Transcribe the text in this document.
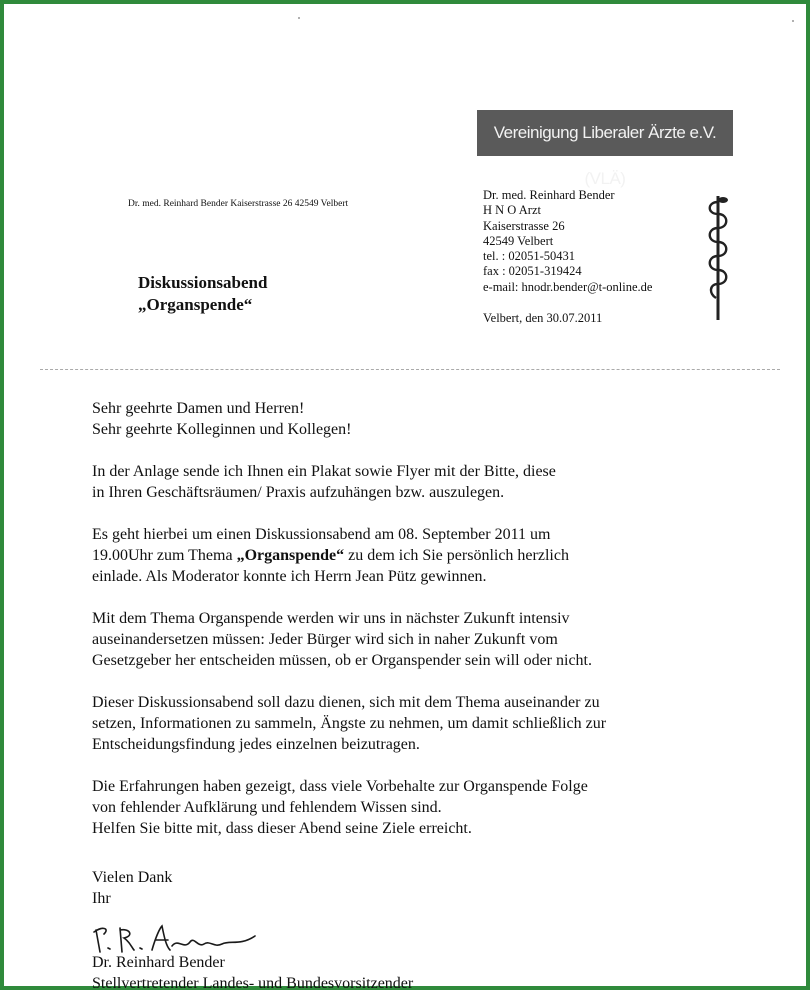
Vereinigung Liberaler Ärzte e.V. (VLÄ)
Dr. med. Reinhard Bender Kaiserstrasse 26 42549 Velbert
Diskussionsabend
„Organspende“
Dr. med. Reinhard Bender
H N O Arzt
Kaiserstrasse 26
42549 Velbert
tel. : 02051-50431
fax : 02051-319424
e-mail: hnodr.bender@t-online.de
Velbert, den 30.07.2011
Sehr geehrte Damen und Herren!
Sehr geehrte Kolleginnen und Kollegen!
In der Anlage sende ich Ihnen ein Plakat sowie Flyer mit der Bitte, diese
in Ihren Geschäftsräumen/ Praxis aufzuhängen bzw. auszulegen.
Es geht hierbei um einen Diskussionsabend am 08. September 2011 um
19.00Uhr zum Thema „Organspende“ zu dem ich Sie persönlich herzlich
einlade. Als Moderator konnte ich Herrn Jean Pütz gewinnen.
Mit dem Thema Organspende werden wir uns in nächster Zukunft intensiv
auseinandersetzen müssen: Jeder Bürger wird sich in naher Zukunft vom
Gesetzgeber her entscheiden müssen, ob er Organspender sein will oder nicht.
Dieser Diskussionsabend soll dazu dienen, sich mit dem Thema auseinander zu
setzen, Informationen zu sammeln, Ängste zu nehmen, um damit schließlich zur
Entscheidungsfindung jedes einzelnen beizutragen.
Die Erfahrungen haben gezeigt, dass viele Vorbehalte zur Organspende Folge
von fehlender Aufklärung und fehlendem Wissen sind.
Helfen Sie bitte mit, dass dieser Abend seine Ziele erreicht.
Vielen Dank
Ihr
Dr. Reinhard Bender
Stellvertretender Landes- und Bundesvorsitzender
